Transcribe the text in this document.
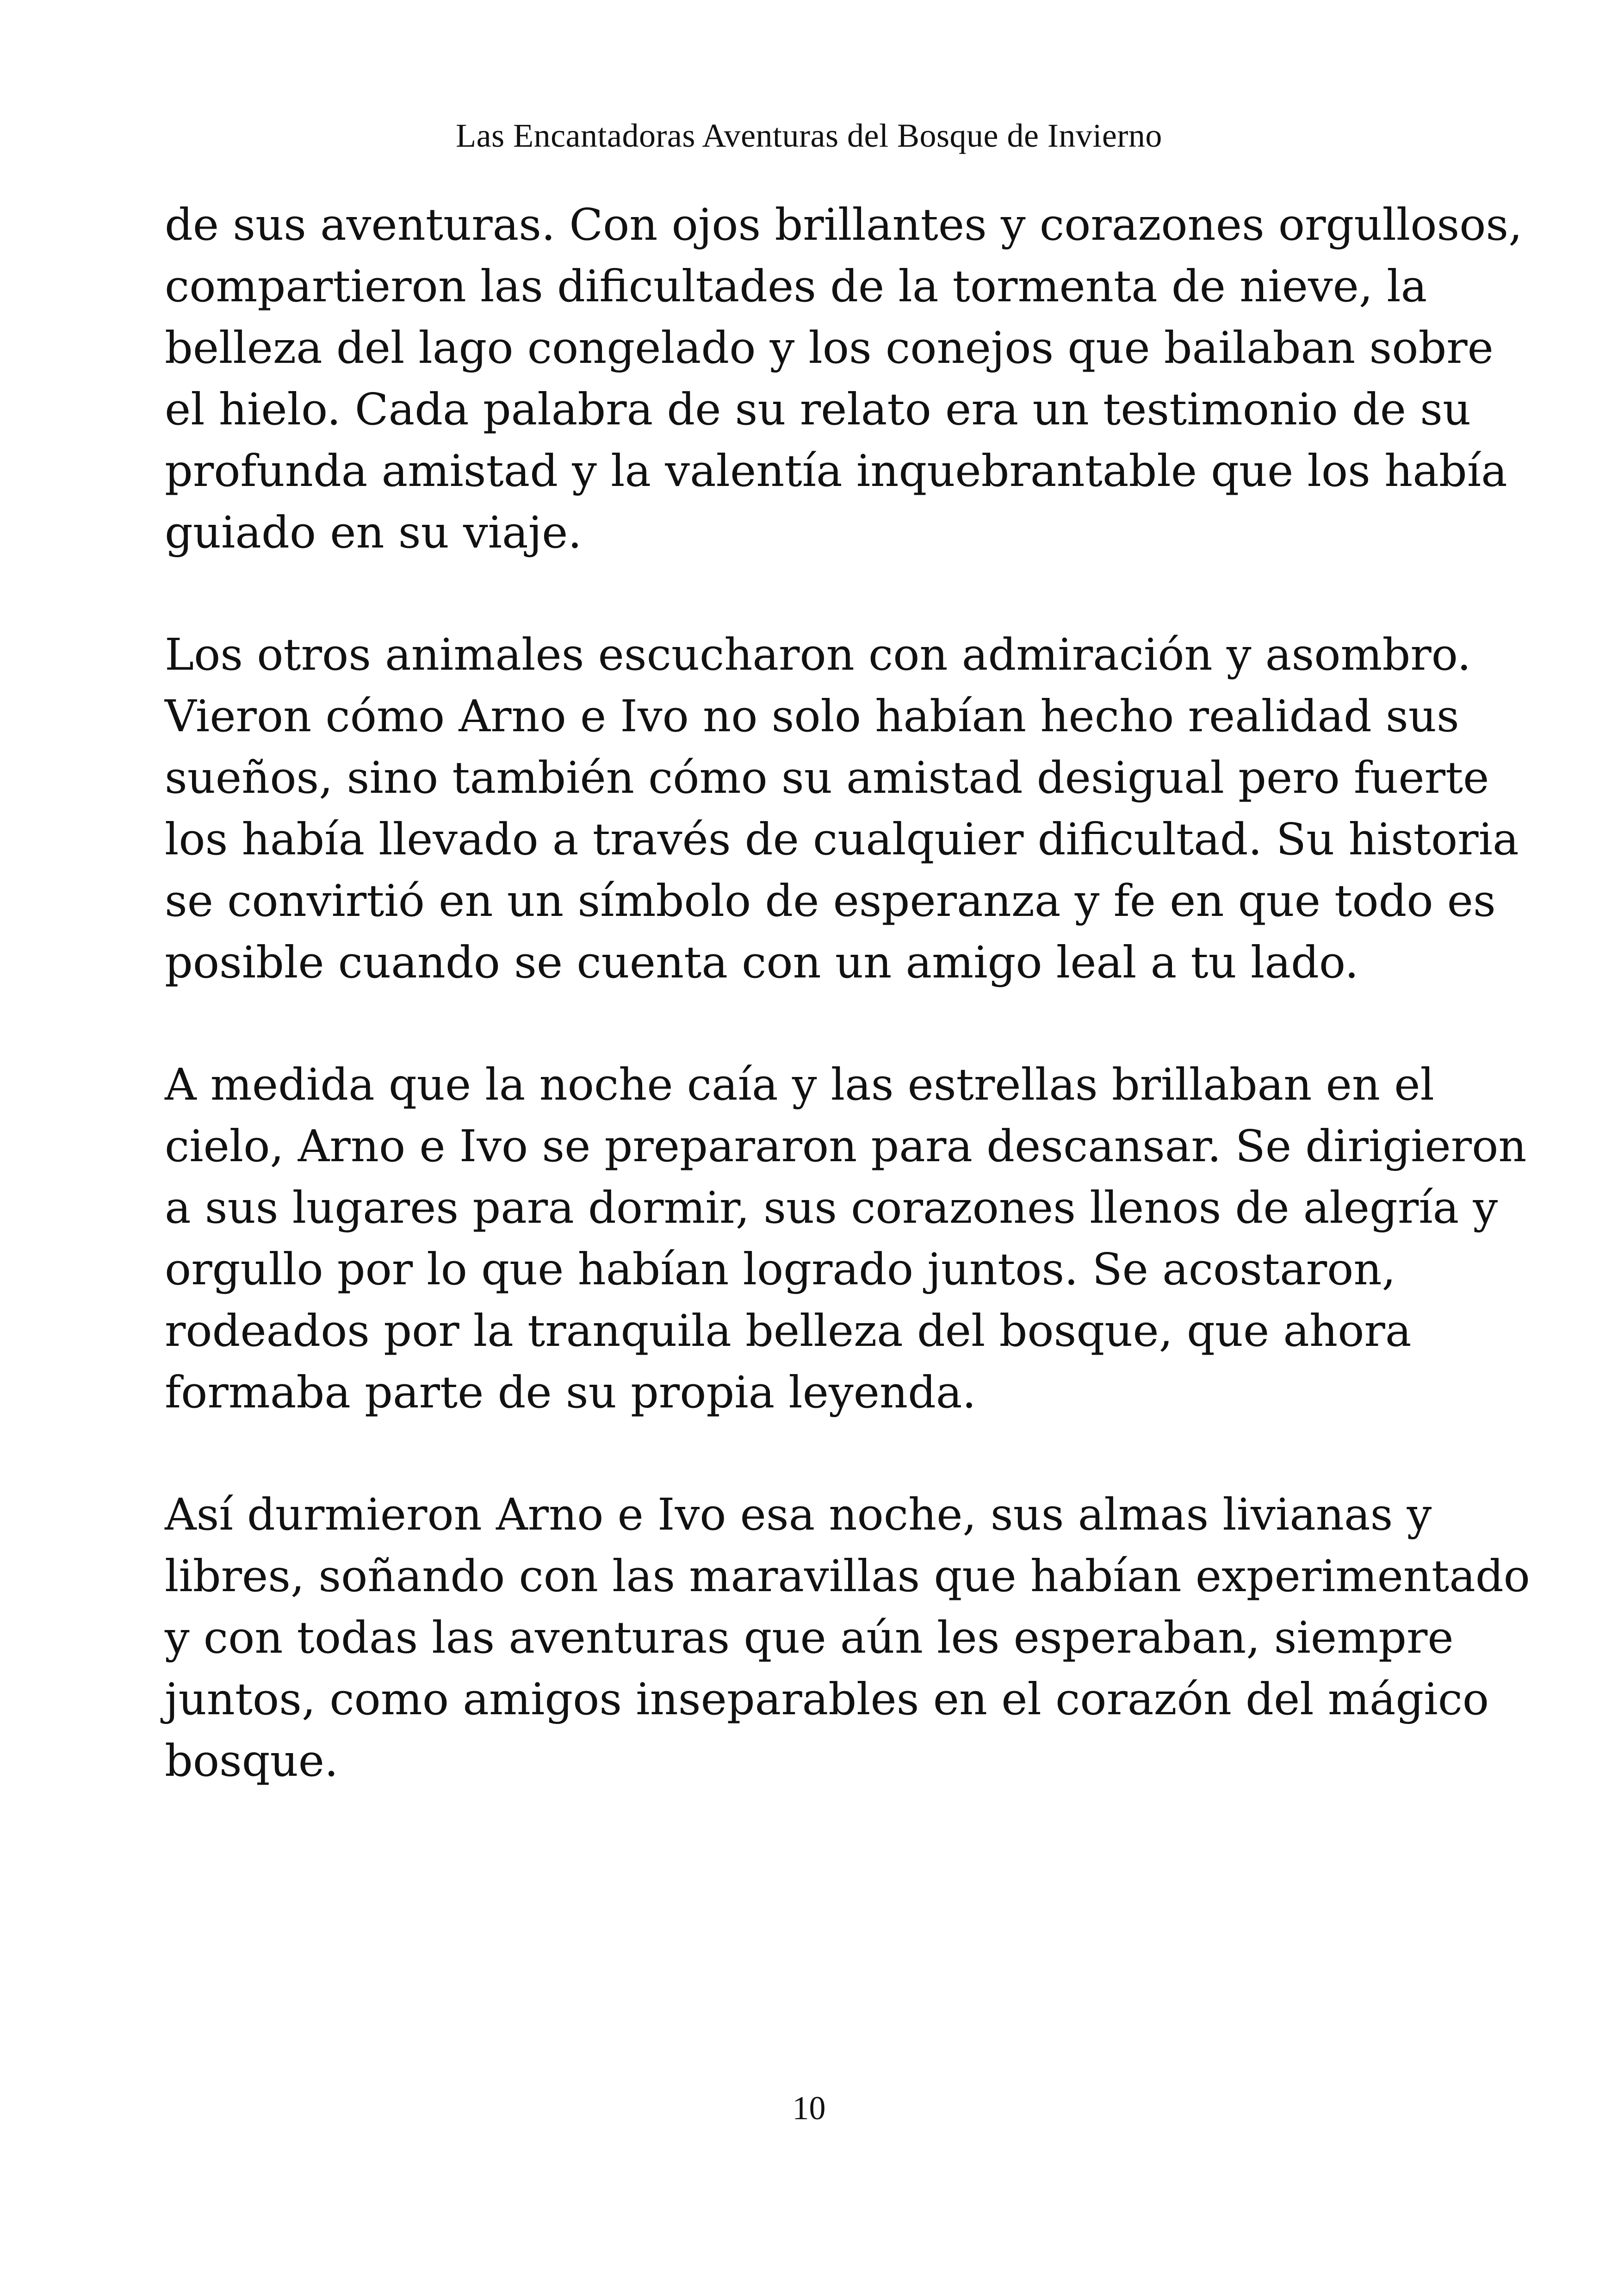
Las Encantadoras Aventuras del Bosque de Invierno

de sus aventuras. Con ojos brillantes y corazones orgullosos,
compartieron las dificultades de la tormenta de nieve, la
belleza del lago congelado y los conejos que bailaban sobre
el hielo. Cada palabra de su relato era un testimonio de su
profunda amistad y la valentía inquebrantable que los había
guiado en su viaje.

Los otros animales escucharon con admiración y asombro.
Vieron cómo Arno e Ivo no solo habían hecho realidad sus
sueños, sino también cómo su amistad desigual pero fuerte
los había llevado a través de cualquier dificultad. Su historia
se convirtió en un símbolo de esperanza y fe en que todo es
posible cuando se cuenta con un amigo leal a tu lado.

A medida que la noche caía y las estrellas brillaban en el
cielo, Arno e Ivo se prepararon para descansar. Se dirigieron
a sus lugares para dormir, sus corazones llenos de alegría y
orgullo por lo que habían logrado juntos. Se acostaron,
rodeados por la tranquila belleza del bosque, que ahora
formaba parte de su propia leyenda.

Así durmieron Arno e Ivo esa noche, sus almas livianas y
libres, soñando con las maravillas que habían experimentado
y con todas las aventuras que aún les esperaban, siempre
juntos, como amigos inseparables en el corazón del mágico
bosque.

10
